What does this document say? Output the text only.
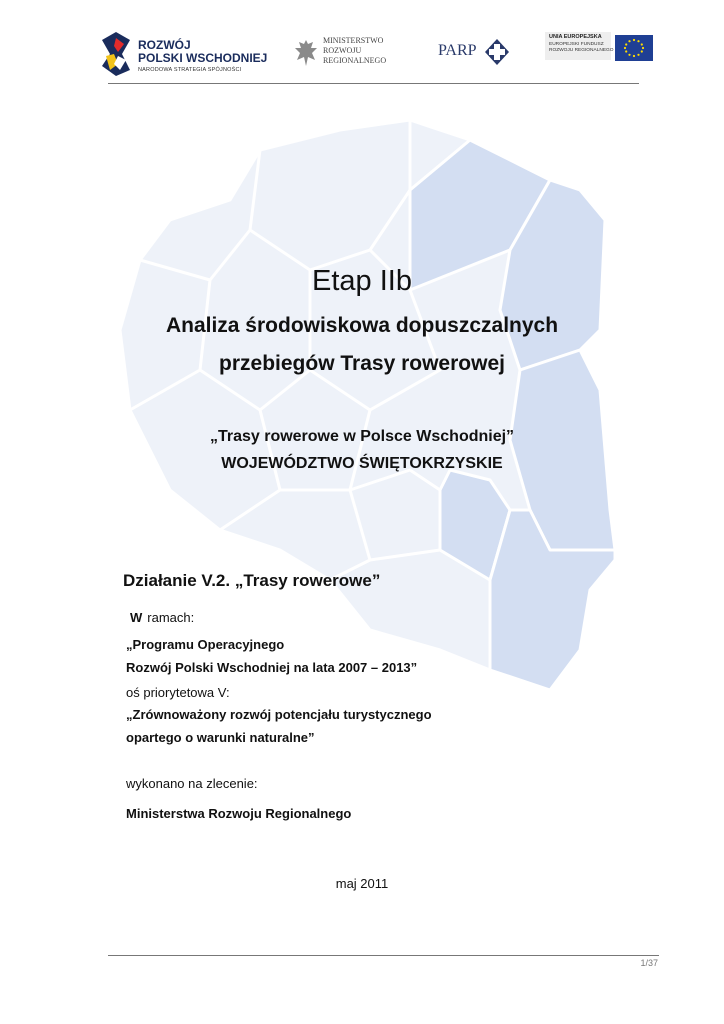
ROZWÓJ
POLSKI WSCHODNIEJ
NARODOWA STRATEGIA SPÓJNOŚCI
MINISTERSTWO
ROZWOJU
REGIONALNEGO
PARP
UNIA EUROPEJSKA
EUROPEJSKI FUNDUSZ
ROZWOJU REGIONALNEGO
Etap IIb
Analiza środowiskowa dopuszczalnych
przebiegów Trasy rowerowej
„Trasy rowerowe w Polsce Wschodniej”
WOJEWÓDZTWO ŚWIĘTOKRZYSKIE
Działanie V.2. „Trasy rowerowe”
W ramach:
„Programu Operacyjnego
Rozwój Polski Wschodniej na lata 2007 – 2013”
oś priorytetowa V:
„Zrównoważony rozwój potencjału turystycznego
opartego o warunki naturalne”
wykonano na zlecenie:
Ministerstwa Rozwoju Regionalnego
maj 2011
1/37
